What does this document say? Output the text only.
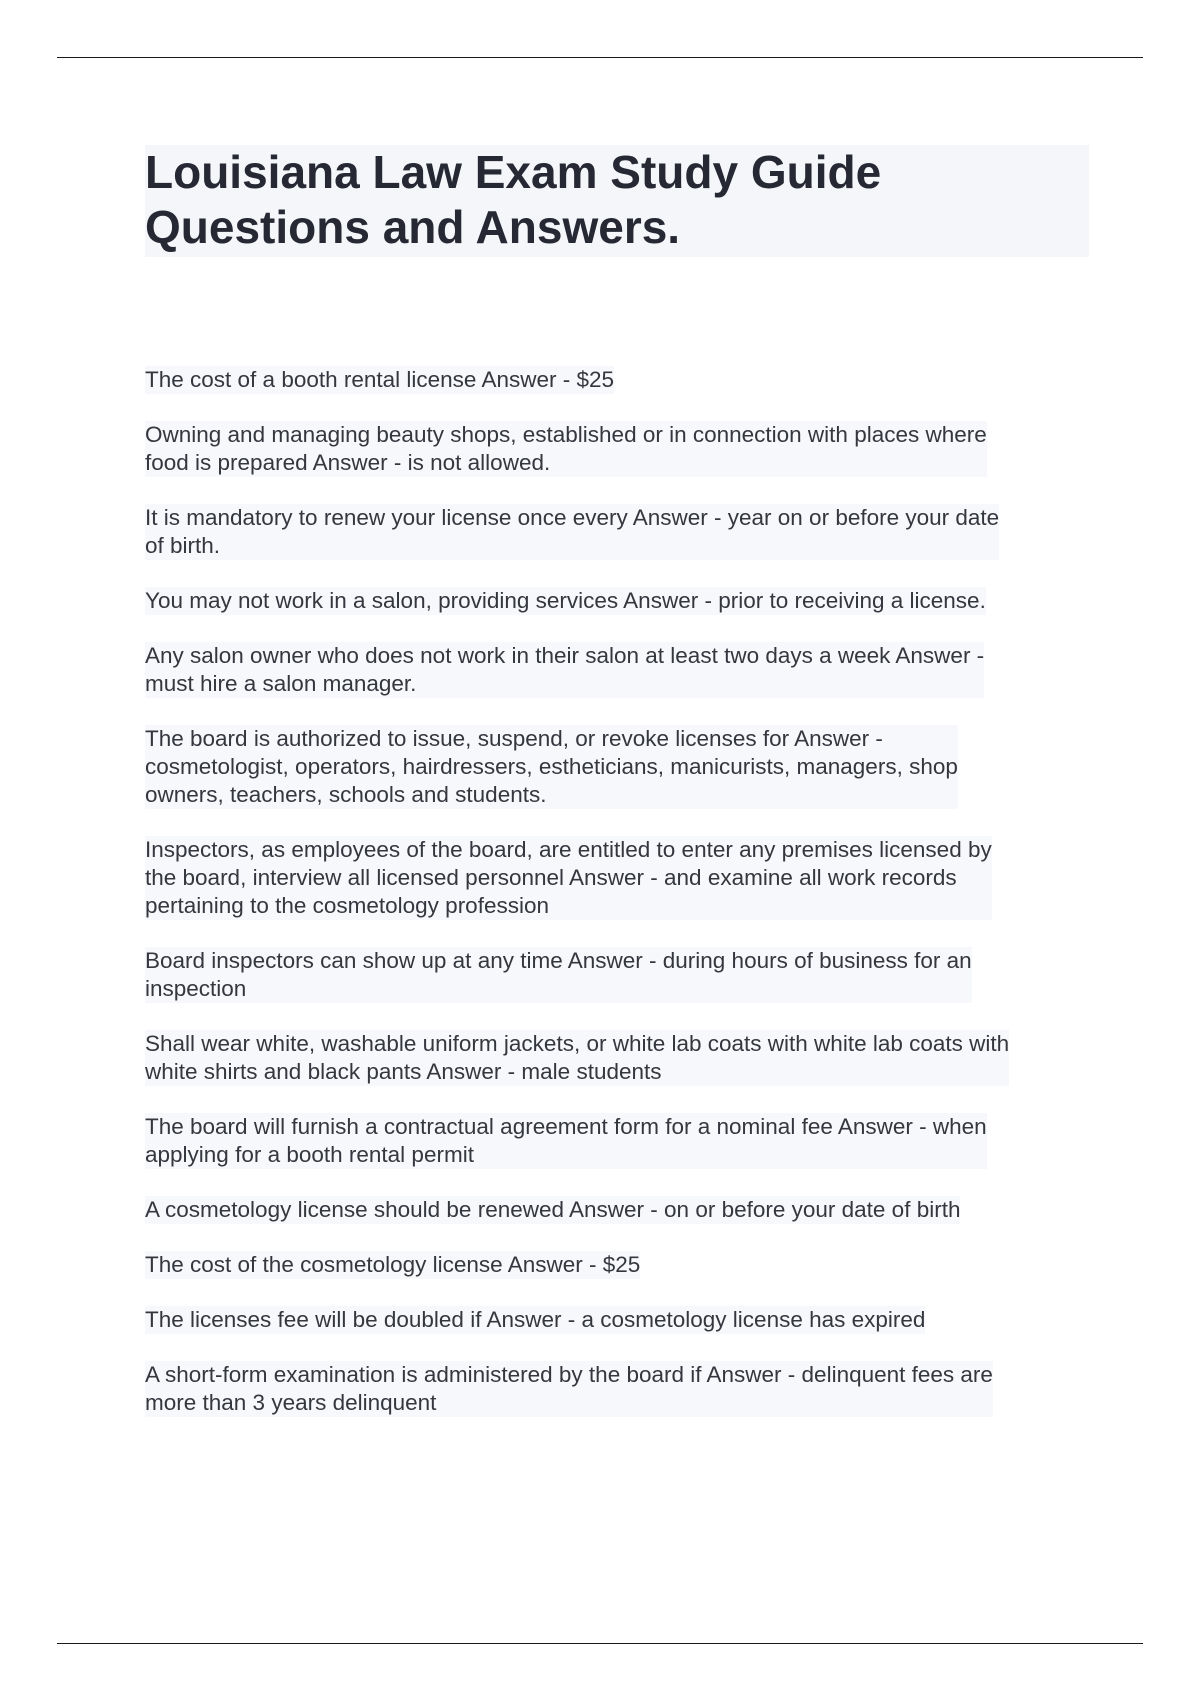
Louisiana Law Exam Study Guide
Questions and Answers.

The cost of a booth rental license Answer - $25

Owning and managing beauty shops, established or in connection with places where
food is prepared Answer - is not allowed.

It is mandatory to renew your license once every Answer - year on or before your date
of birth.

You may not work in a salon, providing services Answer - prior to receiving a license.

Any salon owner who does not work in their salon at least two days a week Answer -
must hire a salon manager.

The board is authorized to issue, suspend, or revoke licenses for Answer -
cosmetologist, operators, hairdressers, estheticians, manicurists, managers, shop
owners, teachers, schools and students.

Inspectors, as employees of the board, are entitled to enter any premises licensed by
the board, interview all licensed personnel Answer - and examine all work records
pertaining to the cosmetology profession

Board inspectors can show up at any time Answer - during hours of business for an
inspection

Shall wear white, washable uniform jackets, or white lab coats with white lab coats with
white shirts and black pants Answer - male students

The board will furnish a contractual agreement form for a nominal fee Answer - when
applying for a booth rental permit

A cosmetology license should be renewed Answer - on or before your date of birth

The cost of the cosmetology license Answer - $25

The licenses fee will be doubled if Answer - a cosmetology license has expired

A short-form examination is administered by the board if Answer - delinquent fees are
more than 3 years delinquent
